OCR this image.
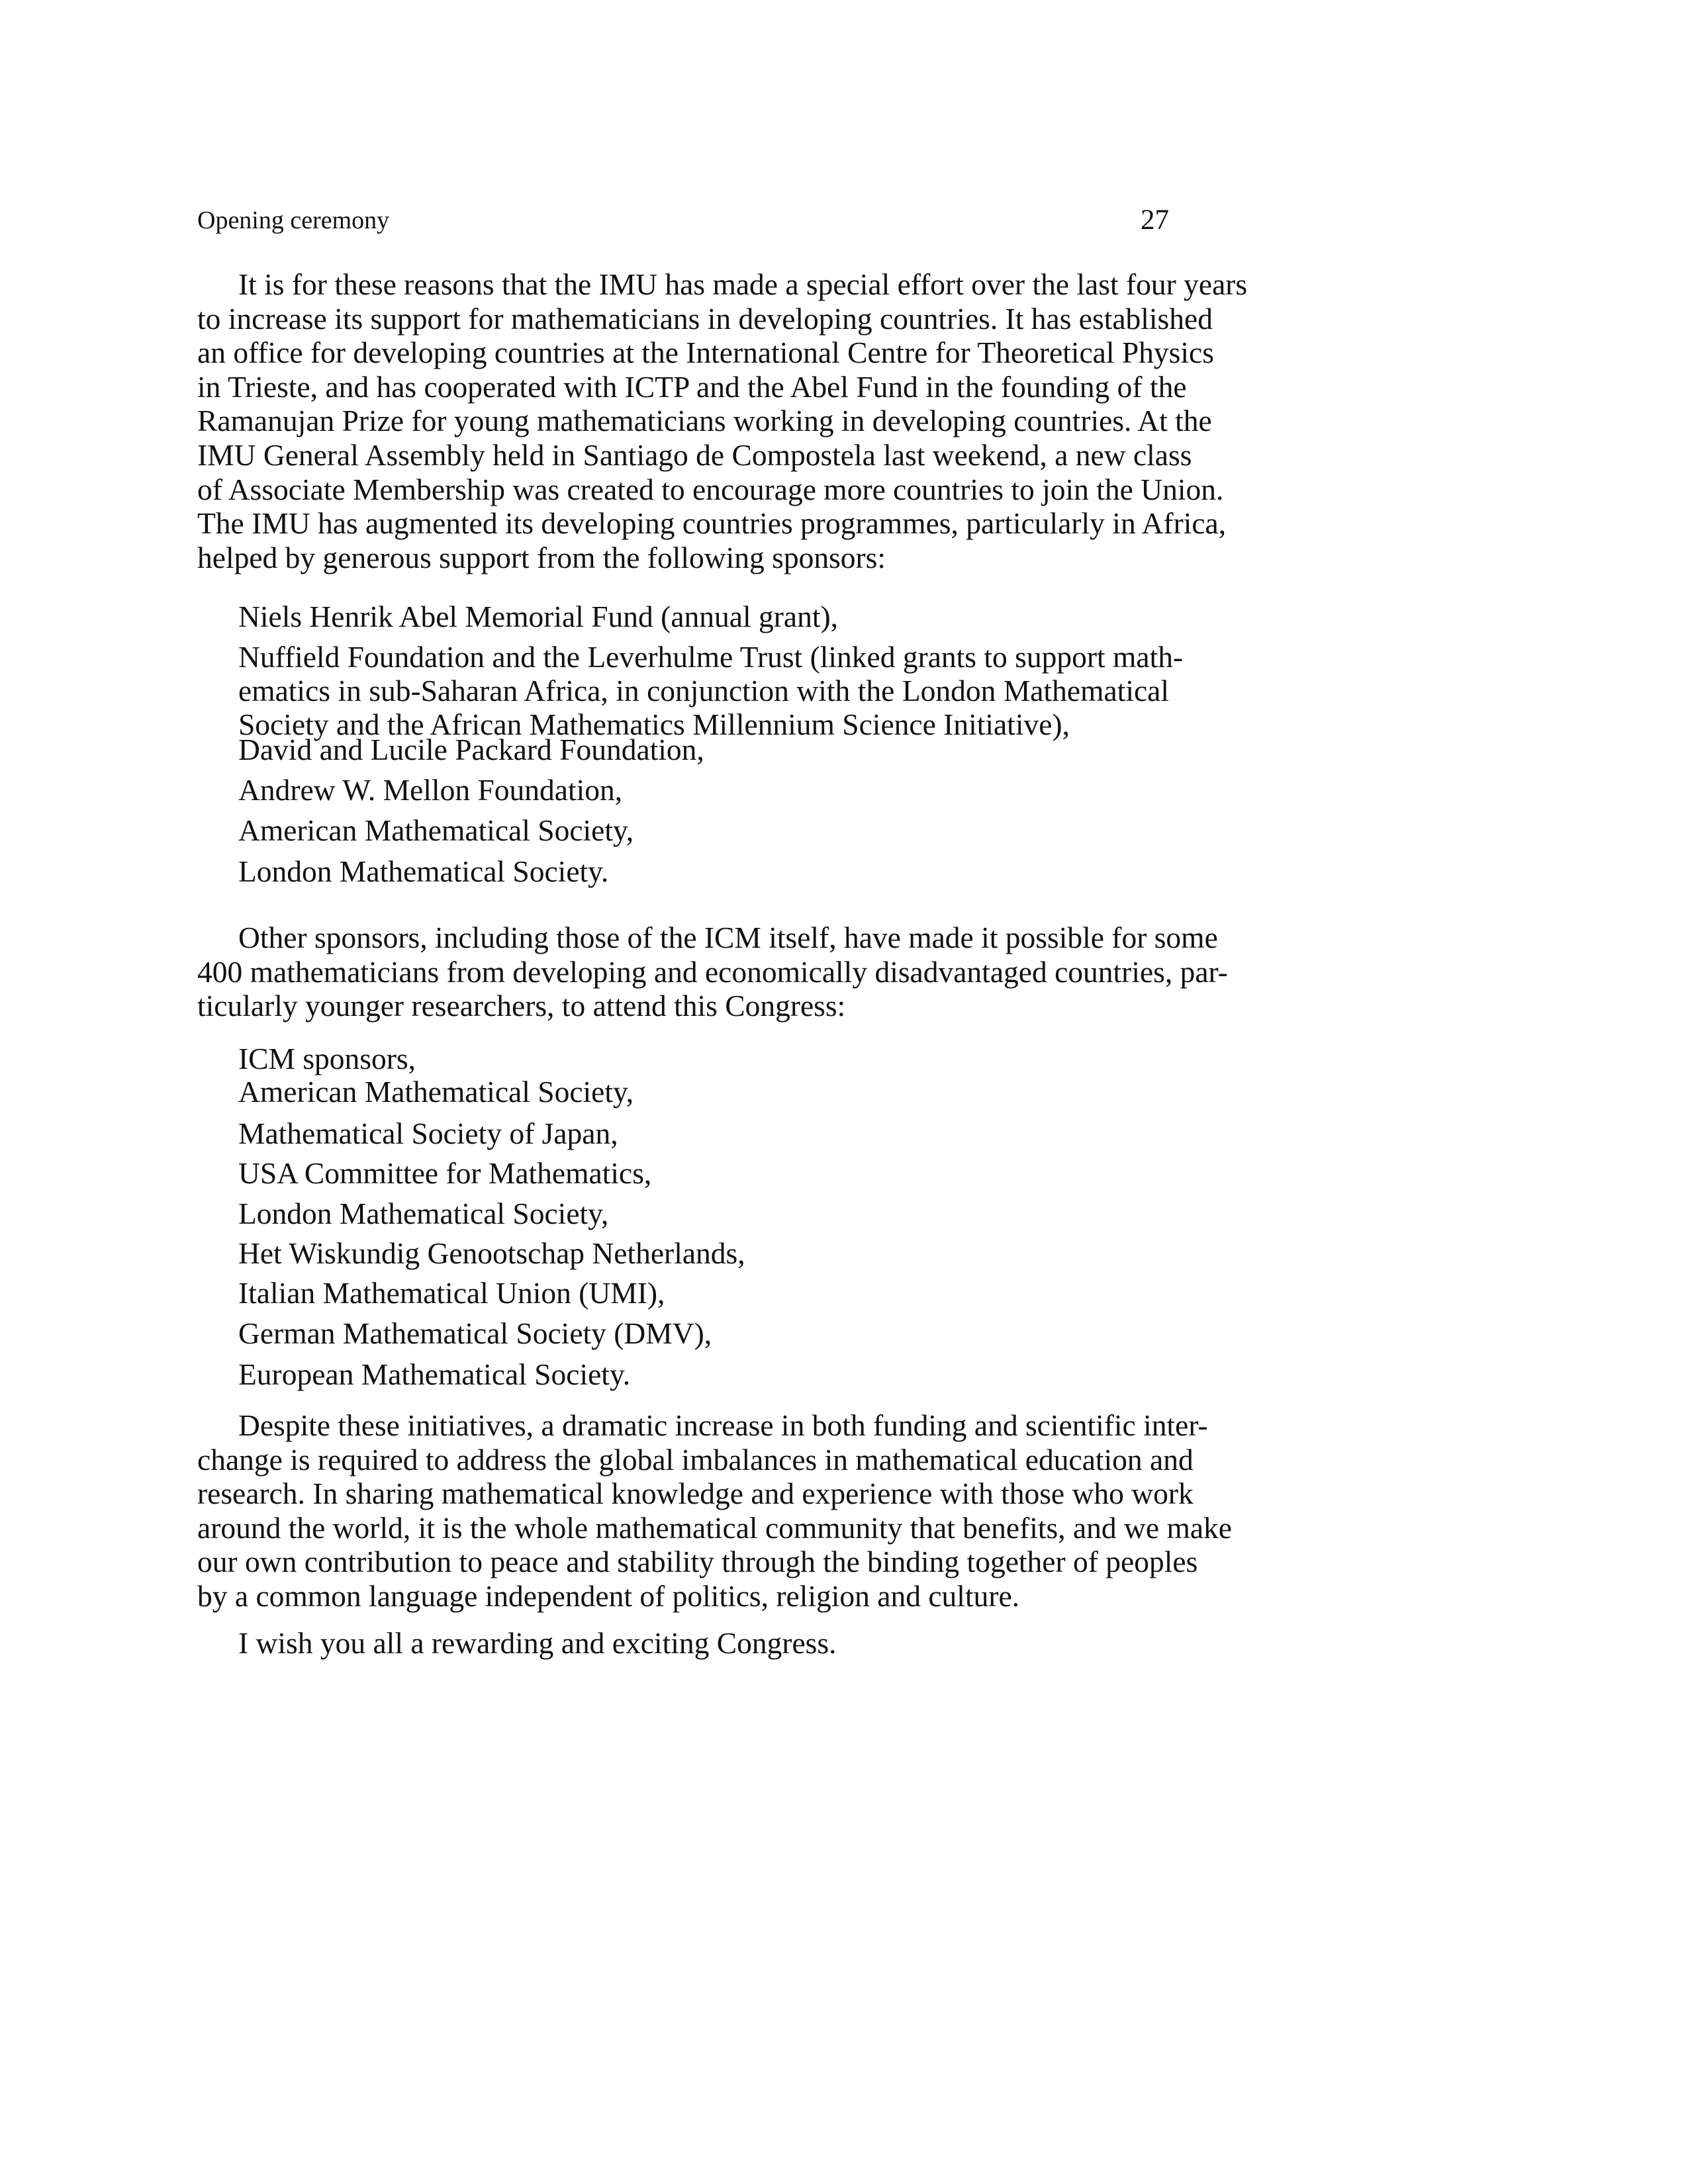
Opening ceremony	27
It is for these reasons that the IMU has made a special effort over the last four years
to increase its support for mathematicians in developing countries. It has established
an office for developing countries at the International Centre for Theoretical Physics
in Trieste, and has cooperated with ICTP and the Abel Fund in the founding of the
Ramanujan Prize for young mathematicians working in developing countries. At the
IMU General Assembly held in Santiago de Compostela last weekend, a new class
of Associate Membership was created to encourage more countries to join the Union.
The IMU has augmented its developing countries programmes, particularly in Africa,
helped by generous support from the following sponsors:
Niels Henrik Abel Memorial Fund (annual grant),
Nuffield Foundation and the Leverhulme Trust (linked grants to support math-
ematics in sub-Saharan Africa, in conjunction with the London Mathematical
Society and the African Mathematics Millennium Science Initiative),
David and Lucile Packard Foundation,
Andrew W. Mellon Foundation,
American Mathematical Society,
London Mathematical Society.
Other sponsors, including those of the ICM itself, have made it possible for some
400 mathematicians from developing and economically disadvantaged countries, par-
ticularly younger researchers, to attend this Congress:
ICM sponsors,
American Mathematical Society,
Mathematical Society of Japan,
USA Committee for Mathematics,
London Mathematical Society,
Het Wiskundig Genootschap Netherlands,
Italian Mathematical Union (UMI),
German Mathematical Society (DMV),
European Mathematical Society.
Despite these initiatives, a dramatic increase in both funding and scientific inter-
change is required to address the global imbalances in mathematical education and
research. In sharing mathematical knowledge and experience with those who work
around the world, it is the whole mathematical community that benefits, and we make
our own contribution to peace and stability through the binding together of peoples
by a common language independent of politics, religion and culture.
I wish you all a rewarding and exciting Congress.
